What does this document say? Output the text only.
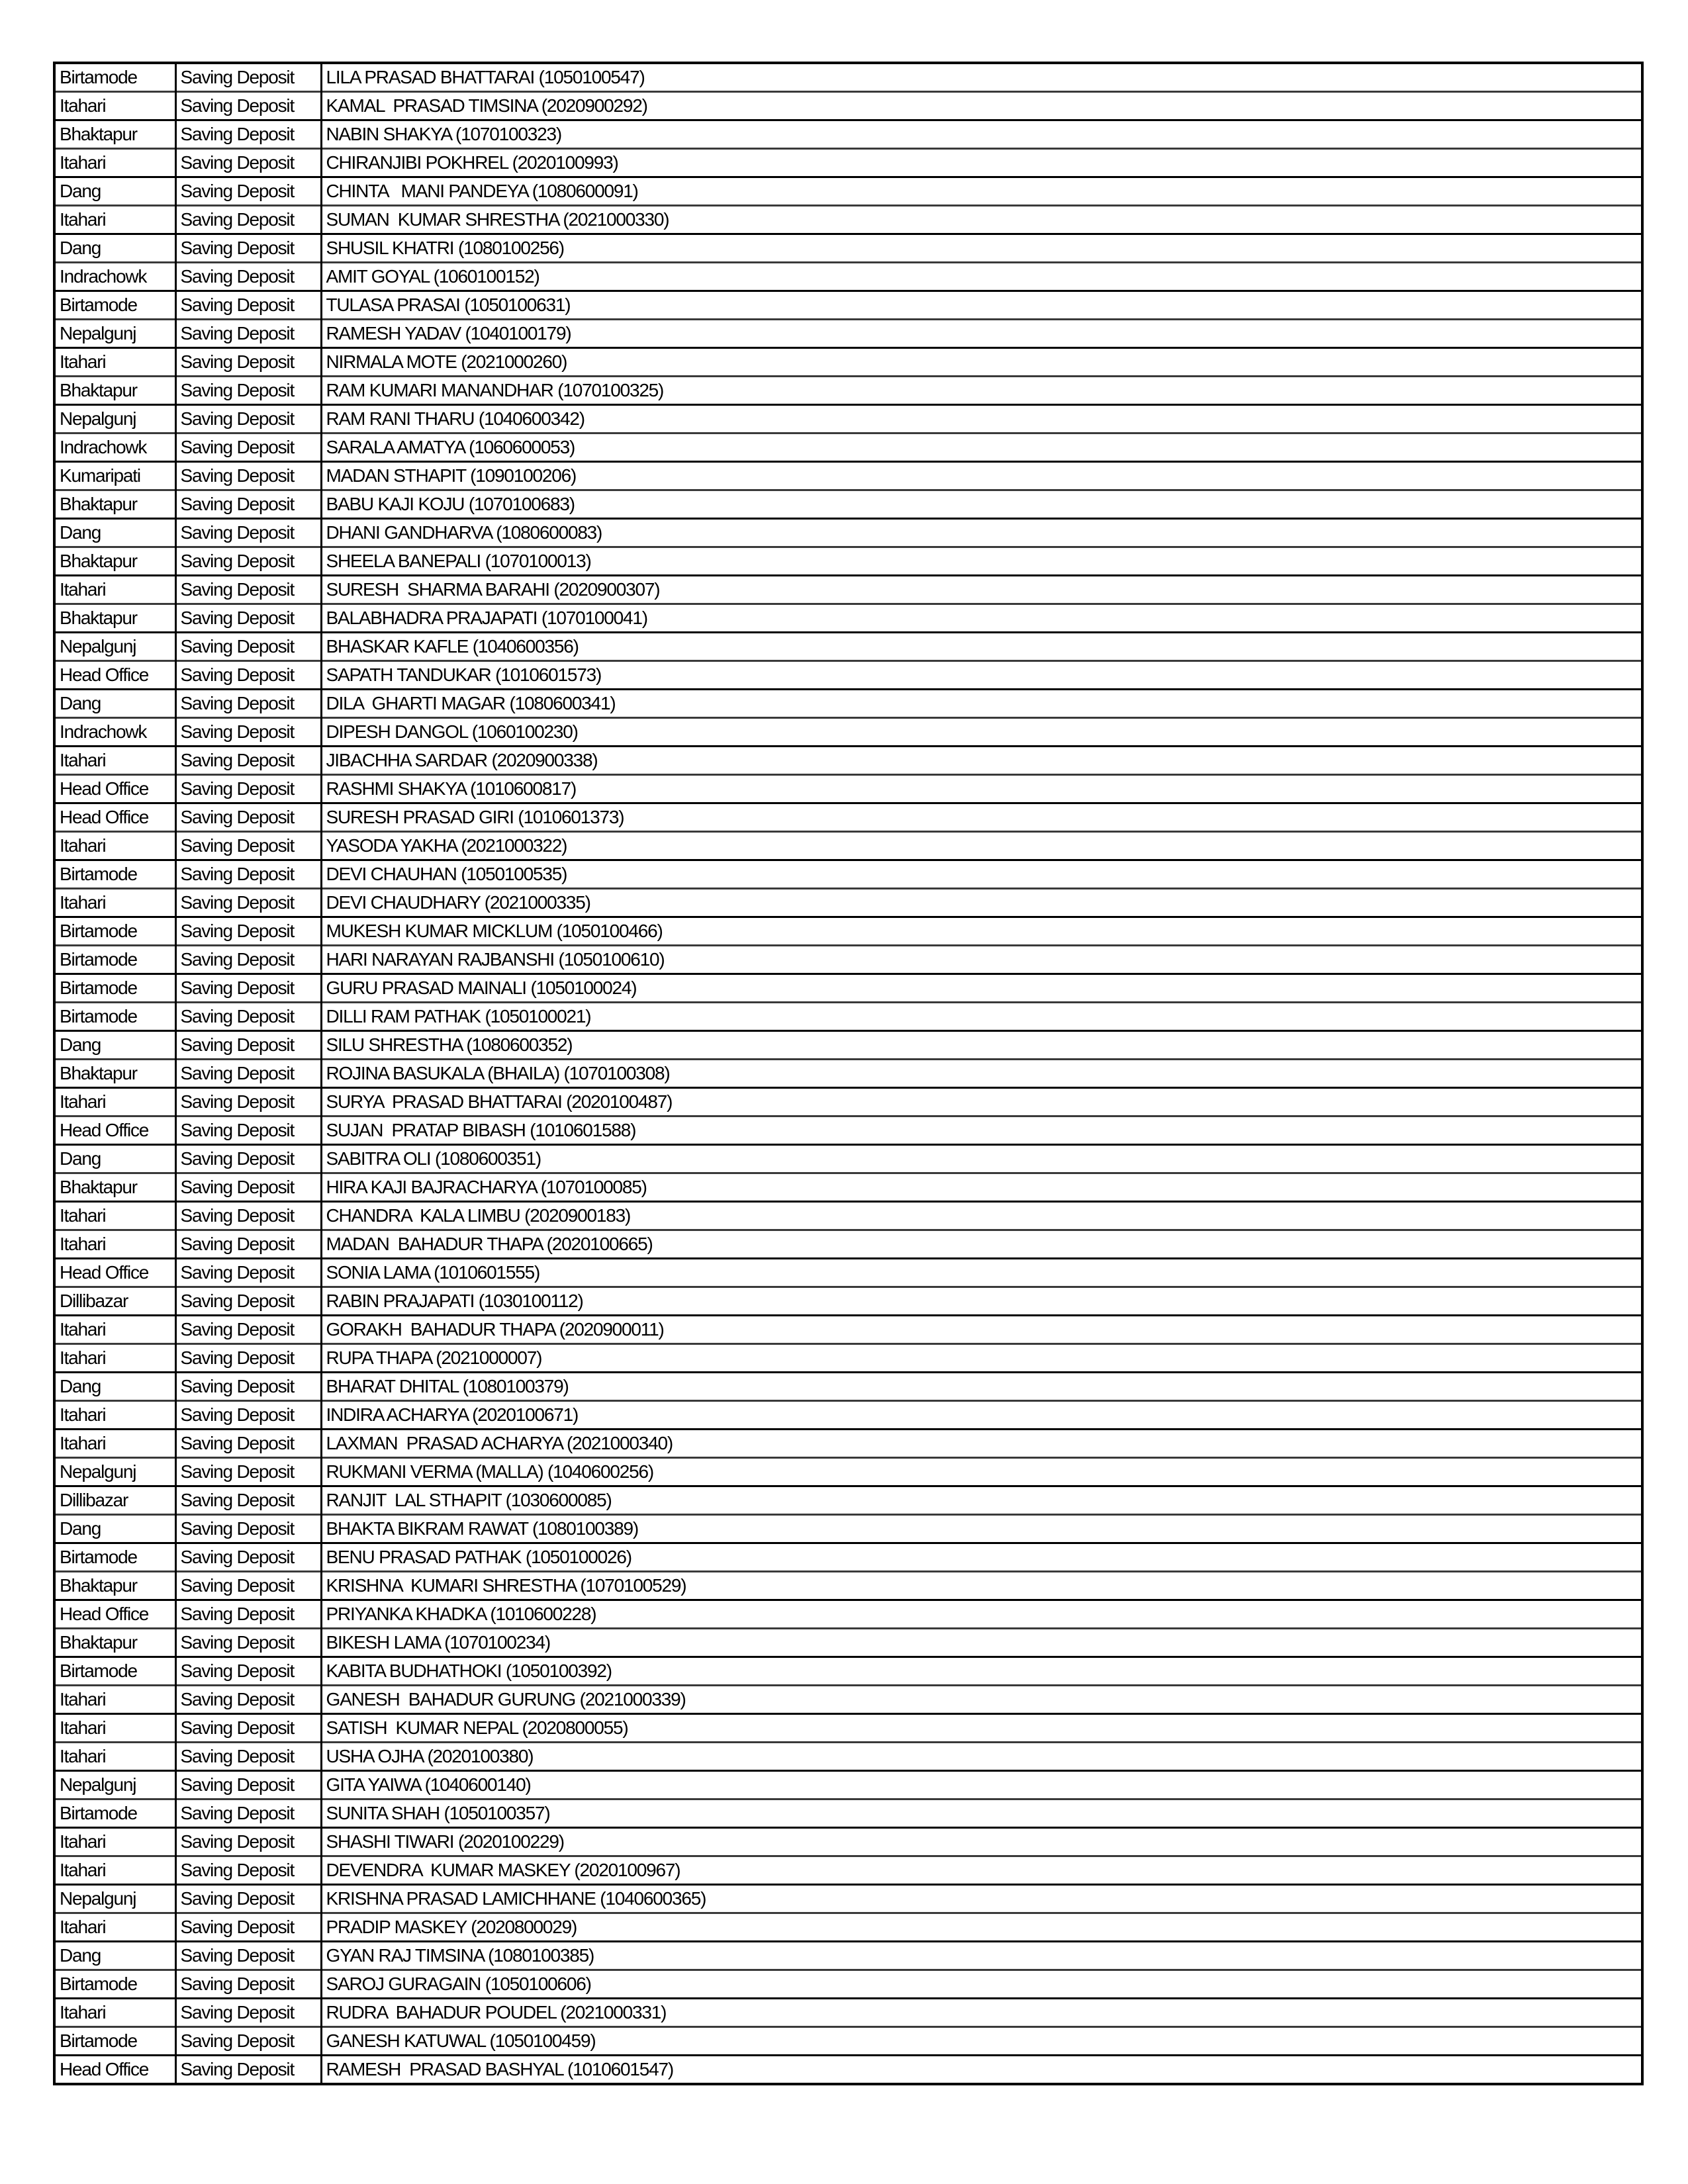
Birtamode	Saving Deposit	LILA PRASAD BHATTARAI (1050100547)
Itahari	Saving Deposit	KAMAL  PRASAD TIMSINA (2020900292)
Bhaktapur	Saving Deposit	NABIN SHAKYA (1070100323)
Itahari	Saving Deposit	CHIRANJIBI POKHREL (2020100993)
Dang	Saving Deposit	CHINTA   MANI PANDEYA (1080600091)
Itahari	Saving Deposit	SUMAN  KUMAR SHRESTHA (2021000330)
Dang	Saving Deposit	SHUSIL KHATRI (1080100256)
Indrachowk	Saving Deposit	AMIT GOYAL (1060100152)
Birtamode	Saving Deposit	TULASA PRASAI (1050100631)
Nepalgunj	Saving Deposit	RAMESH YADAV (1040100179)
Itahari	Saving Deposit	NIRMALA MOTE (2021000260)
Bhaktapur	Saving Deposit	RAM KUMARI MANANDHAR (1070100325)
Nepalgunj	Saving Deposit	RAM RANI THARU (1040600342)
Indrachowk	Saving Deposit	SARALA AMATYA (1060600053)
Kumaripati	Saving Deposit	MADAN STHAPIT (1090100206)
Bhaktapur	Saving Deposit	BABU KAJI KOJU (1070100683)
Dang	Saving Deposit	DHANI GANDHARVA (1080600083)
Bhaktapur	Saving Deposit	SHEELA BANEPALI (1070100013)
Itahari	Saving Deposit	SURESH  SHARMA BARAHI (2020900307)
Bhaktapur	Saving Deposit	BALABHADRA PRAJAPATI (1070100041)
Nepalgunj	Saving Deposit	BHASKAR KAFLE (1040600356)
Head Office	Saving Deposit	SAPATH TANDUKAR (1010601573)
Dang	Saving Deposit	DILA  GHARTI MAGAR (1080600341)
Indrachowk	Saving Deposit	DIPESH DANGOL (1060100230)
Itahari	Saving Deposit	JIBACHHA SARDAR (2020900338)
Head Office	Saving Deposit	RASHMI SHAKYA (1010600817)
Head Office	Saving Deposit	SURESH PRASAD GIRI (1010601373)
Itahari	Saving Deposit	YASODA YAKHA (2021000322)
Birtamode	Saving Deposit	DEVI CHAUHAN (1050100535)
Itahari	Saving Deposit	DEVI CHAUDHARY (2021000335)
Birtamode	Saving Deposit	MUKESH KUMAR MICKLUM (1050100466)
Birtamode	Saving Deposit	HARI NARAYAN RAJBANSHI (1050100610)
Birtamode	Saving Deposit	GURU PRASAD MAINALI (1050100024)
Birtamode	Saving Deposit	DILLI RAM PATHAK (1050100021)
Dang	Saving Deposit	SILU SHRESTHA (1080600352)
Bhaktapur	Saving Deposit	ROJINA BASUKALA (BHAILA) (1070100308)
Itahari	Saving Deposit	SURYA  PRASAD BHATTARAI (2020100487)
Head Office	Saving Deposit	SUJAN  PRATAP BIBASH (1010601588)
Dang	Saving Deposit	SABITRA OLI (1080600351)
Bhaktapur	Saving Deposit	HIRA KAJI BAJRACHARYA (1070100085)
Itahari	Saving Deposit	CHANDRA  KALA LIMBU (2020900183)
Itahari	Saving Deposit	MADAN  BAHADUR THAPA (2020100665)
Head Office	Saving Deposit	SONIA LAMA (1010601555)
Dillibazar	Saving Deposit	RABIN PRAJAPATI (1030100112)
Itahari	Saving Deposit	GORAKH  BAHADUR THAPA (2020900011)
Itahari	Saving Deposit	RUPA THAPA (2021000007)
Dang	Saving Deposit	BHARAT DHITAL (1080100379)
Itahari	Saving Deposit	INDIRA ACHARYA (2020100671)
Itahari	Saving Deposit	LAXMAN  PRASAD ACHARYA (2021000340)
Nepalgunj	Saving Deposit	RUKMANI VERMA (MALLA) (1040600256)
Dillibazar	Saving Deposit	RANJIT  LAL STHAPIT (1030600085)
Dang	Saving Deposit	BHAKTA BIKRAM RAWAT (1080100389)
Birtamode	Saving Deposit	BENU PRASAD PATHAK (1050100026)
Bhaktapur	Saving Deposit	KRISHNA  KUMARI SHRESTHA (1070100529)
Head Office	Saving Deposit	PRIYANKA KHADKA (1010600228)
Bhaktapur	Saving Deposit	BIKESH LAMA (1070100234)
Birtamode	Saving Deposit	KABITA BUDHATHOKI (1050100392)
Itahari	Saving Deposit	GANESH  BAHADUR GURUNG (2021000339)
Itahari	Saving Deposit	SATISH  KUMAR NEPAL (2020800055)
Itahari	Saving Deposit	USHA OJHA (2020100380)
Nepalgunj	Saving Deposit	GITA YAIWA (1040600140)
Birtamode	Saving Deposit	SUNITA SHAH (1050100357)
Itahari	Saving Deposit	SHASHI TIWARI (2020100229)
Itahari	Saving Deposit	DEVENDRA  KUMAR MASKEY (2020100967)
Nepalgunj	Saving Deposit	KRISHNA PRASAD LAMICHHANE (1040600365)
Itahari	Saving Deposit	PRADIP MASKEY (2020800029)
Dang	Saving Deposit	GYAN RAJ TIMSINA (1080100385)
Birtamode	Saving Deposit	SAROJ GURAGAIN (1050100606)
Itahari	Saving Deposit	RUDRA  BAHADUR POUDEL (2021000331)
Birtamode	Saving Deposit	GANESH KATUWAL (1050100459)
Head Office	Saving Deposit	RAMESH  PRASAD BASHYAL (1010601547)
